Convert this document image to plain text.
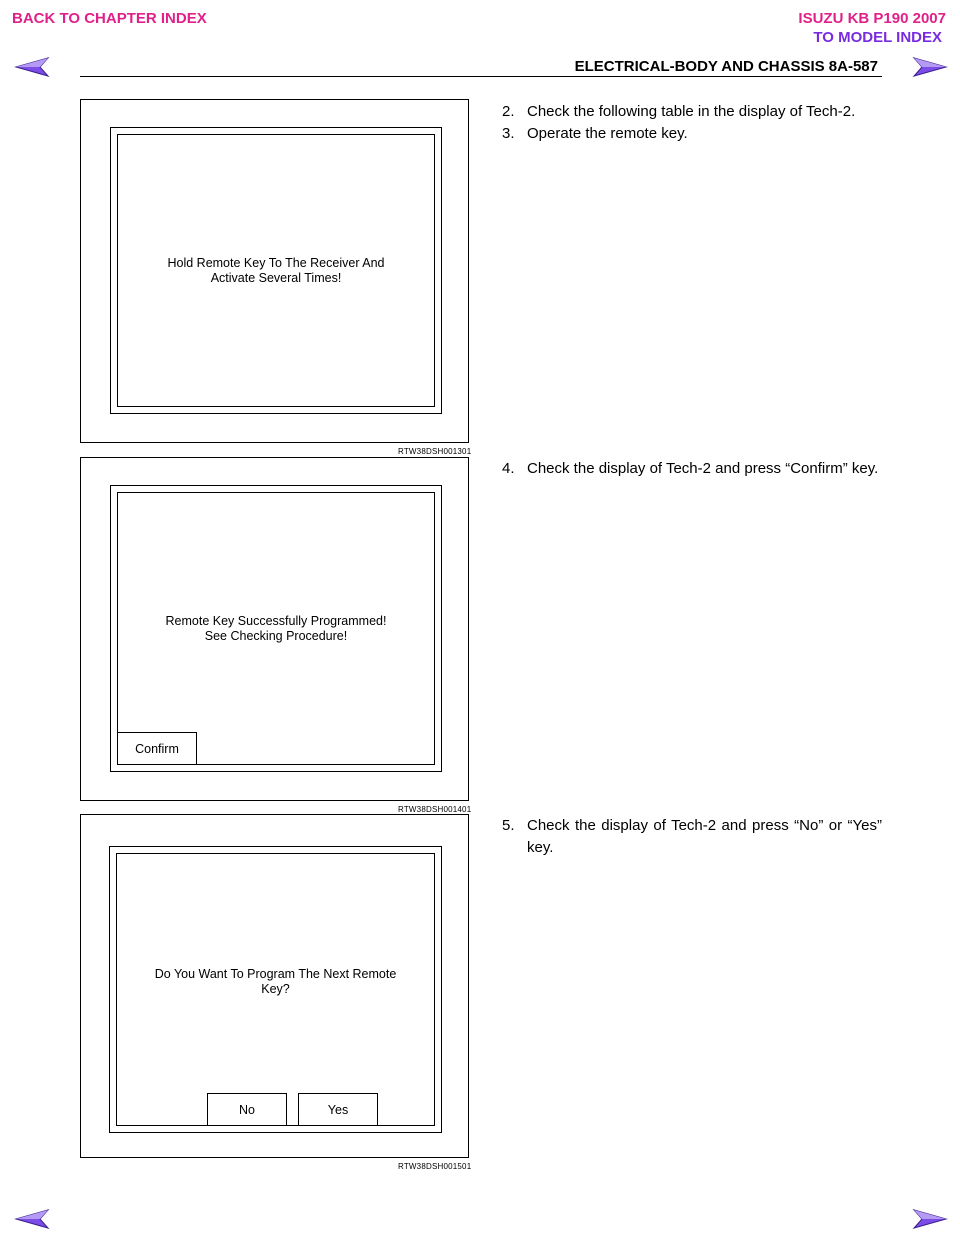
BACK TO CHAPTER INDEX	ISUZU KB P190 2007
TO MODEL INDEX
ELECTRICAL-BODY AND CHASSIS 8A-587
Hold Remote Key To The Receiver And
Activate Several Times!
RTW38DSH001301
Remote Key Successfully Programmed!
See Checking Procedure!
Confirm
RTW38DSH001401
Do You Want To Program The Next Remote
Key?
No	Yes
RTW38DSH001501
2. Check the following table in the display of Tech-2.
3. Operate the remote key.
4. Check the display of Tech-2 and press “Confirm” key.
5. Check the display of Tech-2 and press “No” or “Yes” key.
